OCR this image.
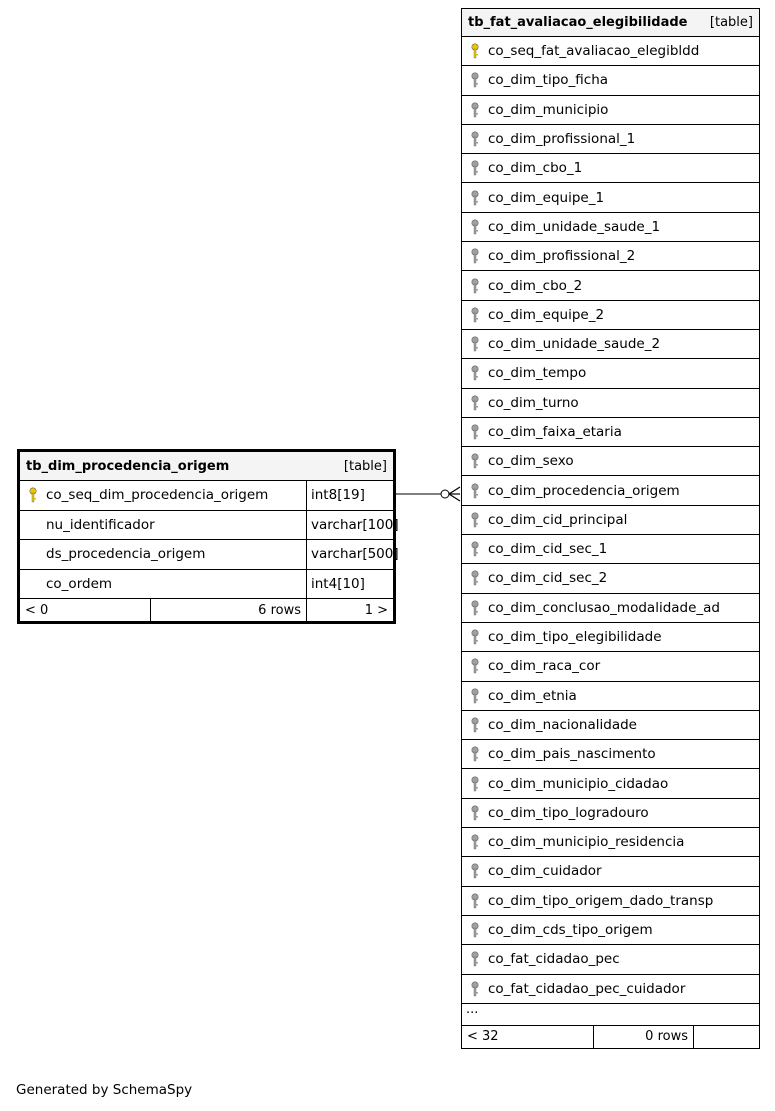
tb_dim_procedencia_origem	[table]
co_seq_dim_procedencia_origem	int8[19]
nu_identificador	varchar[100]
ds_procedencia_origem	varchar[500]
co_ordem	int4[10]
< 0	6 rows	1 >
tb_fat_avaliacao_elegibilidade [table]
co_seq_fat_avaliacao_elegibldd
co_dim_tipo_ficha
co_dim_municipio
co_dim_profissional_1
co_dim_cbo_1
co_dim_equipe_1
co_dim_unidade_saude_1
co_dim_profissional_2
co_dim_cbo_2
co_dim_equipe_2
co_dim_unidade_saude_2
co_dim_tempo
co_dim_turno
co_dim_faixa_etaria
co_dim_sexo
co_dim_procedencia_origem
co_dim_cid_principal
co_dim_cid_sec_1
co_dim_cid_sec_2
co_dim_conclusao_modalidade_ad
co_dim_tipo_elegibilidade
co_dim_raca_cor
co_dim_etnia
co_dim_nacionalidade
co_dim_pais_nascimento
co_dim_municipio_cidadao
co_dim_tipo_logradouro
co_dim_municipio_residencia
co_dim_cuidador
co_dim_tipo_origem_dado_transp
co_dim_cds_tipo_origem
co_fat_cidadao_pec
co_fat_cidadao_pec_cuidador
...
< 32	0 rows
Generated by SchemaSpy
